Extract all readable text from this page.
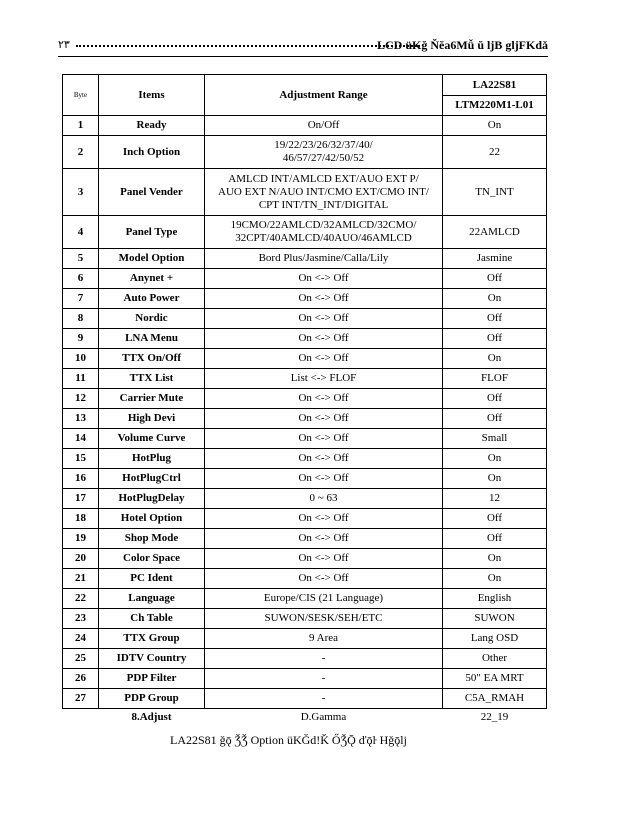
٢٣	LCD üKğ Ňĕa6Mǚ ŭ ǉB gǉFKdǎ
Byte	Items	Adjustment Range	LA22S81
			LTM220M1-L01
1	Ready	On/Off	On
2	Inch Option	19/22/23/26/32/37/40/
46/57/27/42/50/52	22
3	Panel Vender	AMLCD INT/AMLCD EXT/AUO EXT P/
AUO EXT N/AUO INT/CMO EXT/CMO INT/
CPT INT/TN_INT/DIGITAL	TN_INT
4	Panel Type	19CMO/22AMLCD/32AMLCD/32CMO/
32CPT/40AMLCD/40AUO/46AMLCD	22AMLCD
5	Model Option	Bord Plus/Jasmine/Calla/Lily	Jasmine
6	Anynet +	On <-> Off	Off
7	Auto Power	On <-> Off	On
8	Nordic	On <-> Off	Off
9	LNA Menu	On <-> Off	Off
10	TTX On/Off	On <-> Off	On
11	TTX List	List <-> FLOF	FLOF
12	Carrier Mute	On <-> Off	Off
13	High Devi	On <-> Off	Off
14	Volume Curve	On <-> Off	Small
15	HotPlug	On <-> Off	On
16	HotPlugCtrl	On <-> Off	On
17	HotPlugDelay	0 ~ 63	12
18	Hotel Option	On <-> Off	Off
19	Shop Mode	On <-> Off	Off
20	Color Space	On <-> Off	On
21	PC Ident	On <-> Off	On
22	Language	Europe/CIS (21 Language)	English
23	Ch Table	SUWON/SESK/SEH/ETC	SUWON
24	TTX Group	9 Area	Lang OSD
25	IDTV Country	-	Other
26	PDP Filter	-	50" EA MRT
27	PDP Group	-	C5A_RMAH
	8.Adjust	D.Gamma	22_19
LA22S81 ǧǭ ǮǮ Option üKĞdǃǨ ŐǮǬ ďǭŀ Hǧǭǉ
